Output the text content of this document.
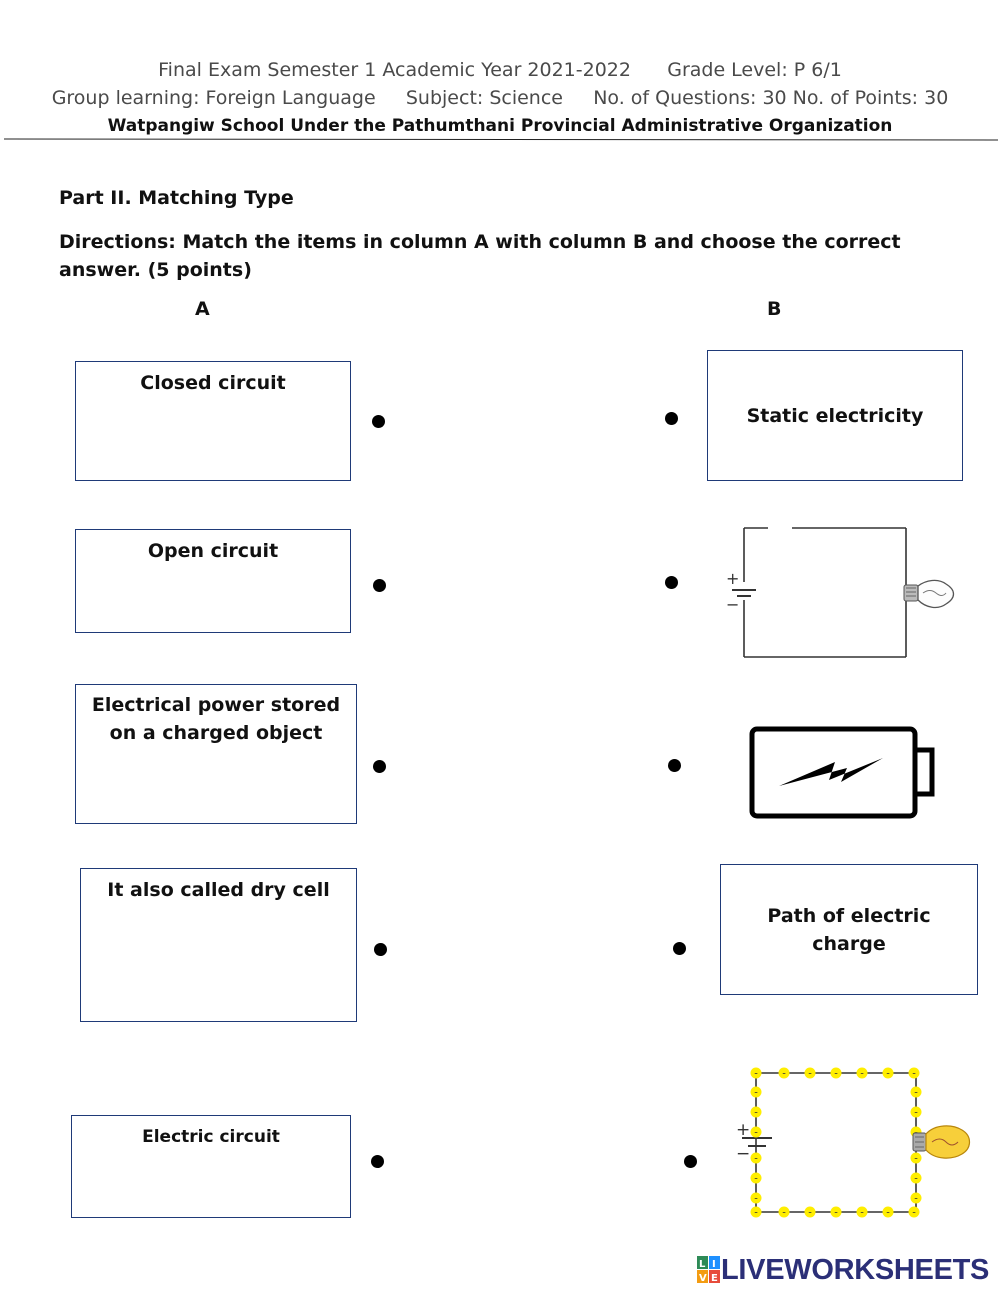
Final Exam Semester 1 Academic Year 2021-2022      Grade Level: P 6/1
Group learning: Foreign Language     Subject: Science     No. of Questions: 30 No. of Points: 30
Watpangiw School Under the Pathumthani Provincial Administrative Organization
Part II. Matching Type
Directions: Match the items in column A with column B and choose the correct answer. (5 points)
A	B
Closed circuit
Open circuit
Electrical power stored on a charged object
It also called dry cell
Electric circuit
Static electricity
+
−
Path of electric charge
+
−
- - - - - - -
- - - - - - -
-	-
-	-
-
-	-
-	-
-	-
L I
V E LIVEWORKSHEETS
